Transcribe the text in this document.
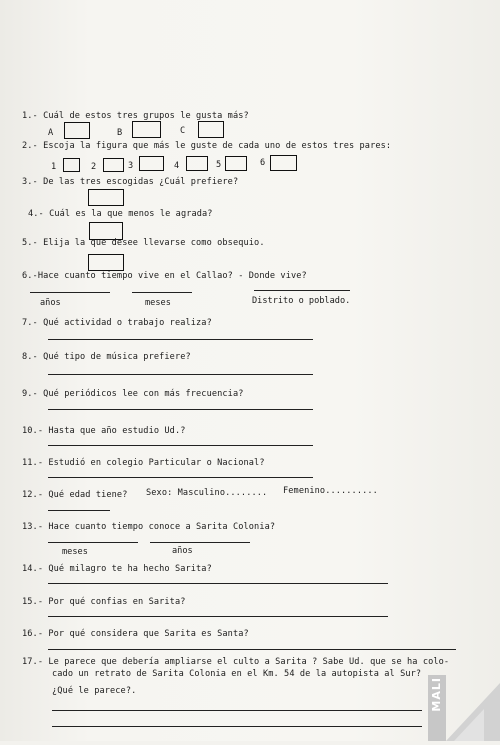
1.- Cuál de estos tres grupos le gusta más?
A	B	C
2.- Escoja la figura que más le guste de cada uno de estos tres pares:
1	2	3	4	5	6
3.- De las tres escogidas ¿Cuál prefiere?
4.- Cuál es la que menos le agrada?
5.- Elija la que desee llevarse como obsequio.
6.-Hace cuanto tiempo vive en el Callao? - Donde vive?
años	meses	Distrito o poblado.
7.- Qué actividad o trabajo realiza?
8.- Qué tipo de música prefiere?
9.- Qué periódicos lee con más frecuencia?
10.- Hasta que año estudio Ud.?
11.- Estudió en colegio Particular o Nacional?
12.- Qué edad tiene? Sexo: Masculino........ Femenino..........
13.- Hace cuanto tiempo conoce a Sarita Colonia?
meses	años
14.- Qué milagro te ha hecho Sarita?
15.- Por qué confias en Sarita?
16.- Por qué considera que Sarita es Santa?
17.- Le parece que debería ampliarse el culto a Sarita ? Sabe Ud. que se ha colo-
cado un retrato de Sarita Colonia en el Km. 54 de la autopista al Sur?
¿Qué le parece?.	MALI
